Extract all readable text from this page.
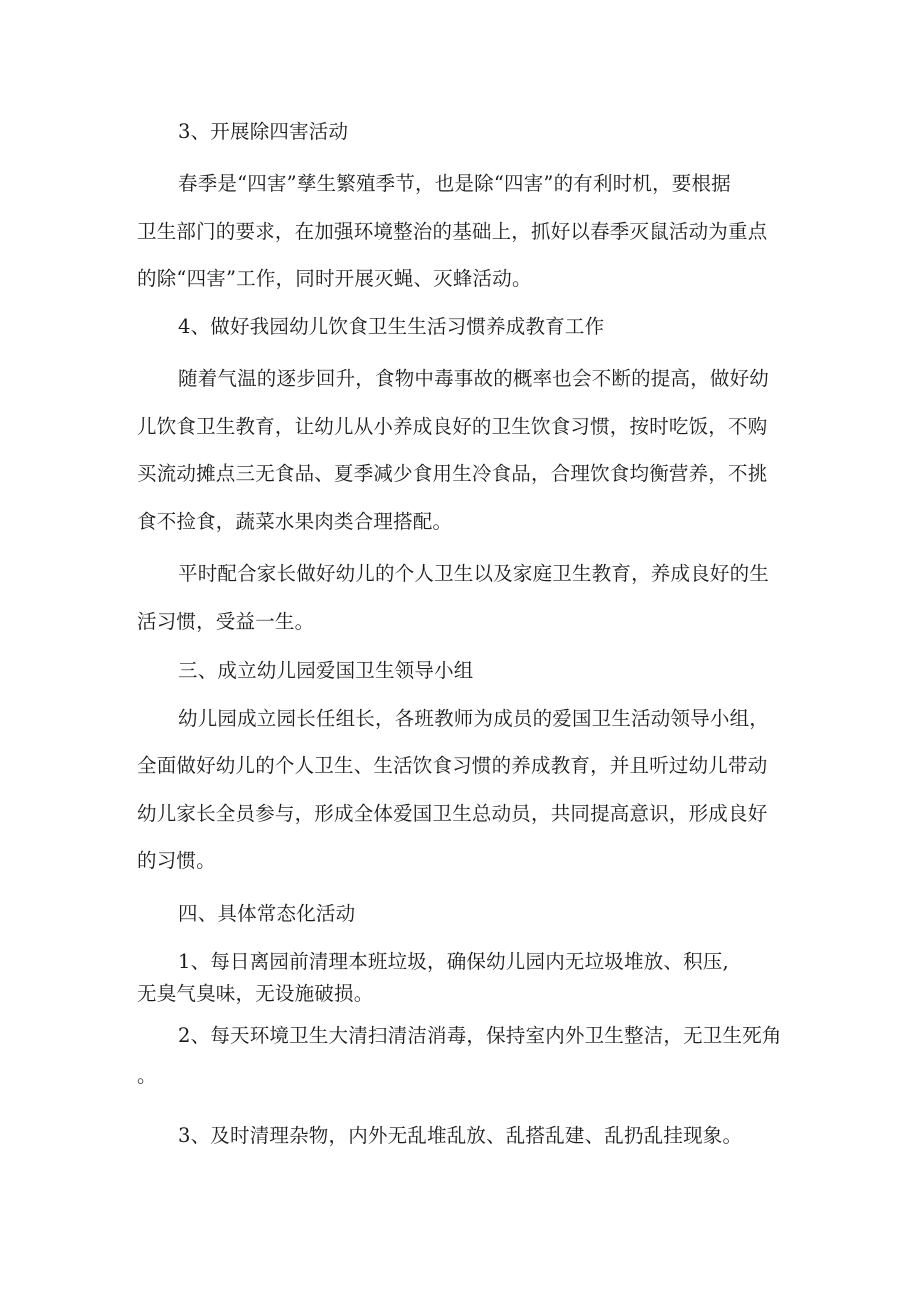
3、开展除四害活动
春季是“四害”孳生繁殖季节，也是除“四害”的有利时机，要根据
卫生部门的要求，在加强环境整治的基础上，抓好以春季灭鼠活动为重点
的除“四害”工作，同时开展灭蝇、灭蜂活动。
4、做好我园幼儿饮食卫生生活习惯养成教育工作
随着气温的逐步回升，食物中毒事故的概率也会不断的提高，做好幼
儿饮食卫生教育，让幼儿从小养成良好的卫生饮食习惯，按时吃饭，不购
买流动摊点三无食品、夏季减少食用生冷食品，合理饮食均衡营养，不挑
食不捡食，蔬菜水果肉类合理搭配。
平时配合家长做好幼儿的个人卫生以及家庭卫生教育，养成良好的生
活习惯，受益一生。
三、成立幼儿园爱国卫生领导小组
幼儿园成立园长任组长，各班教师为成员的爱国卫生活动领导小组，
全面做好幼儿的个人卫生、生活饮食习惯的养成教育，并且听过幼儿带动
幼儿家长全员参与，形成全体爱国卫生总动员，共同提高意识，形成良好
的习惯。
四、具体常态化活动
1、每日离园前清理本班垃圾，确保幼儿园内无垃圾堆放、积压,
无臭气臭味，无设施破损。
2、每天环境卫生大清扫清洁消毒，保持室内外卫生整洁，无卫生死角
。
3、及时清理杂物，内外无乱堆乱放、乱搭乱建、乱扔乱挂现象。
